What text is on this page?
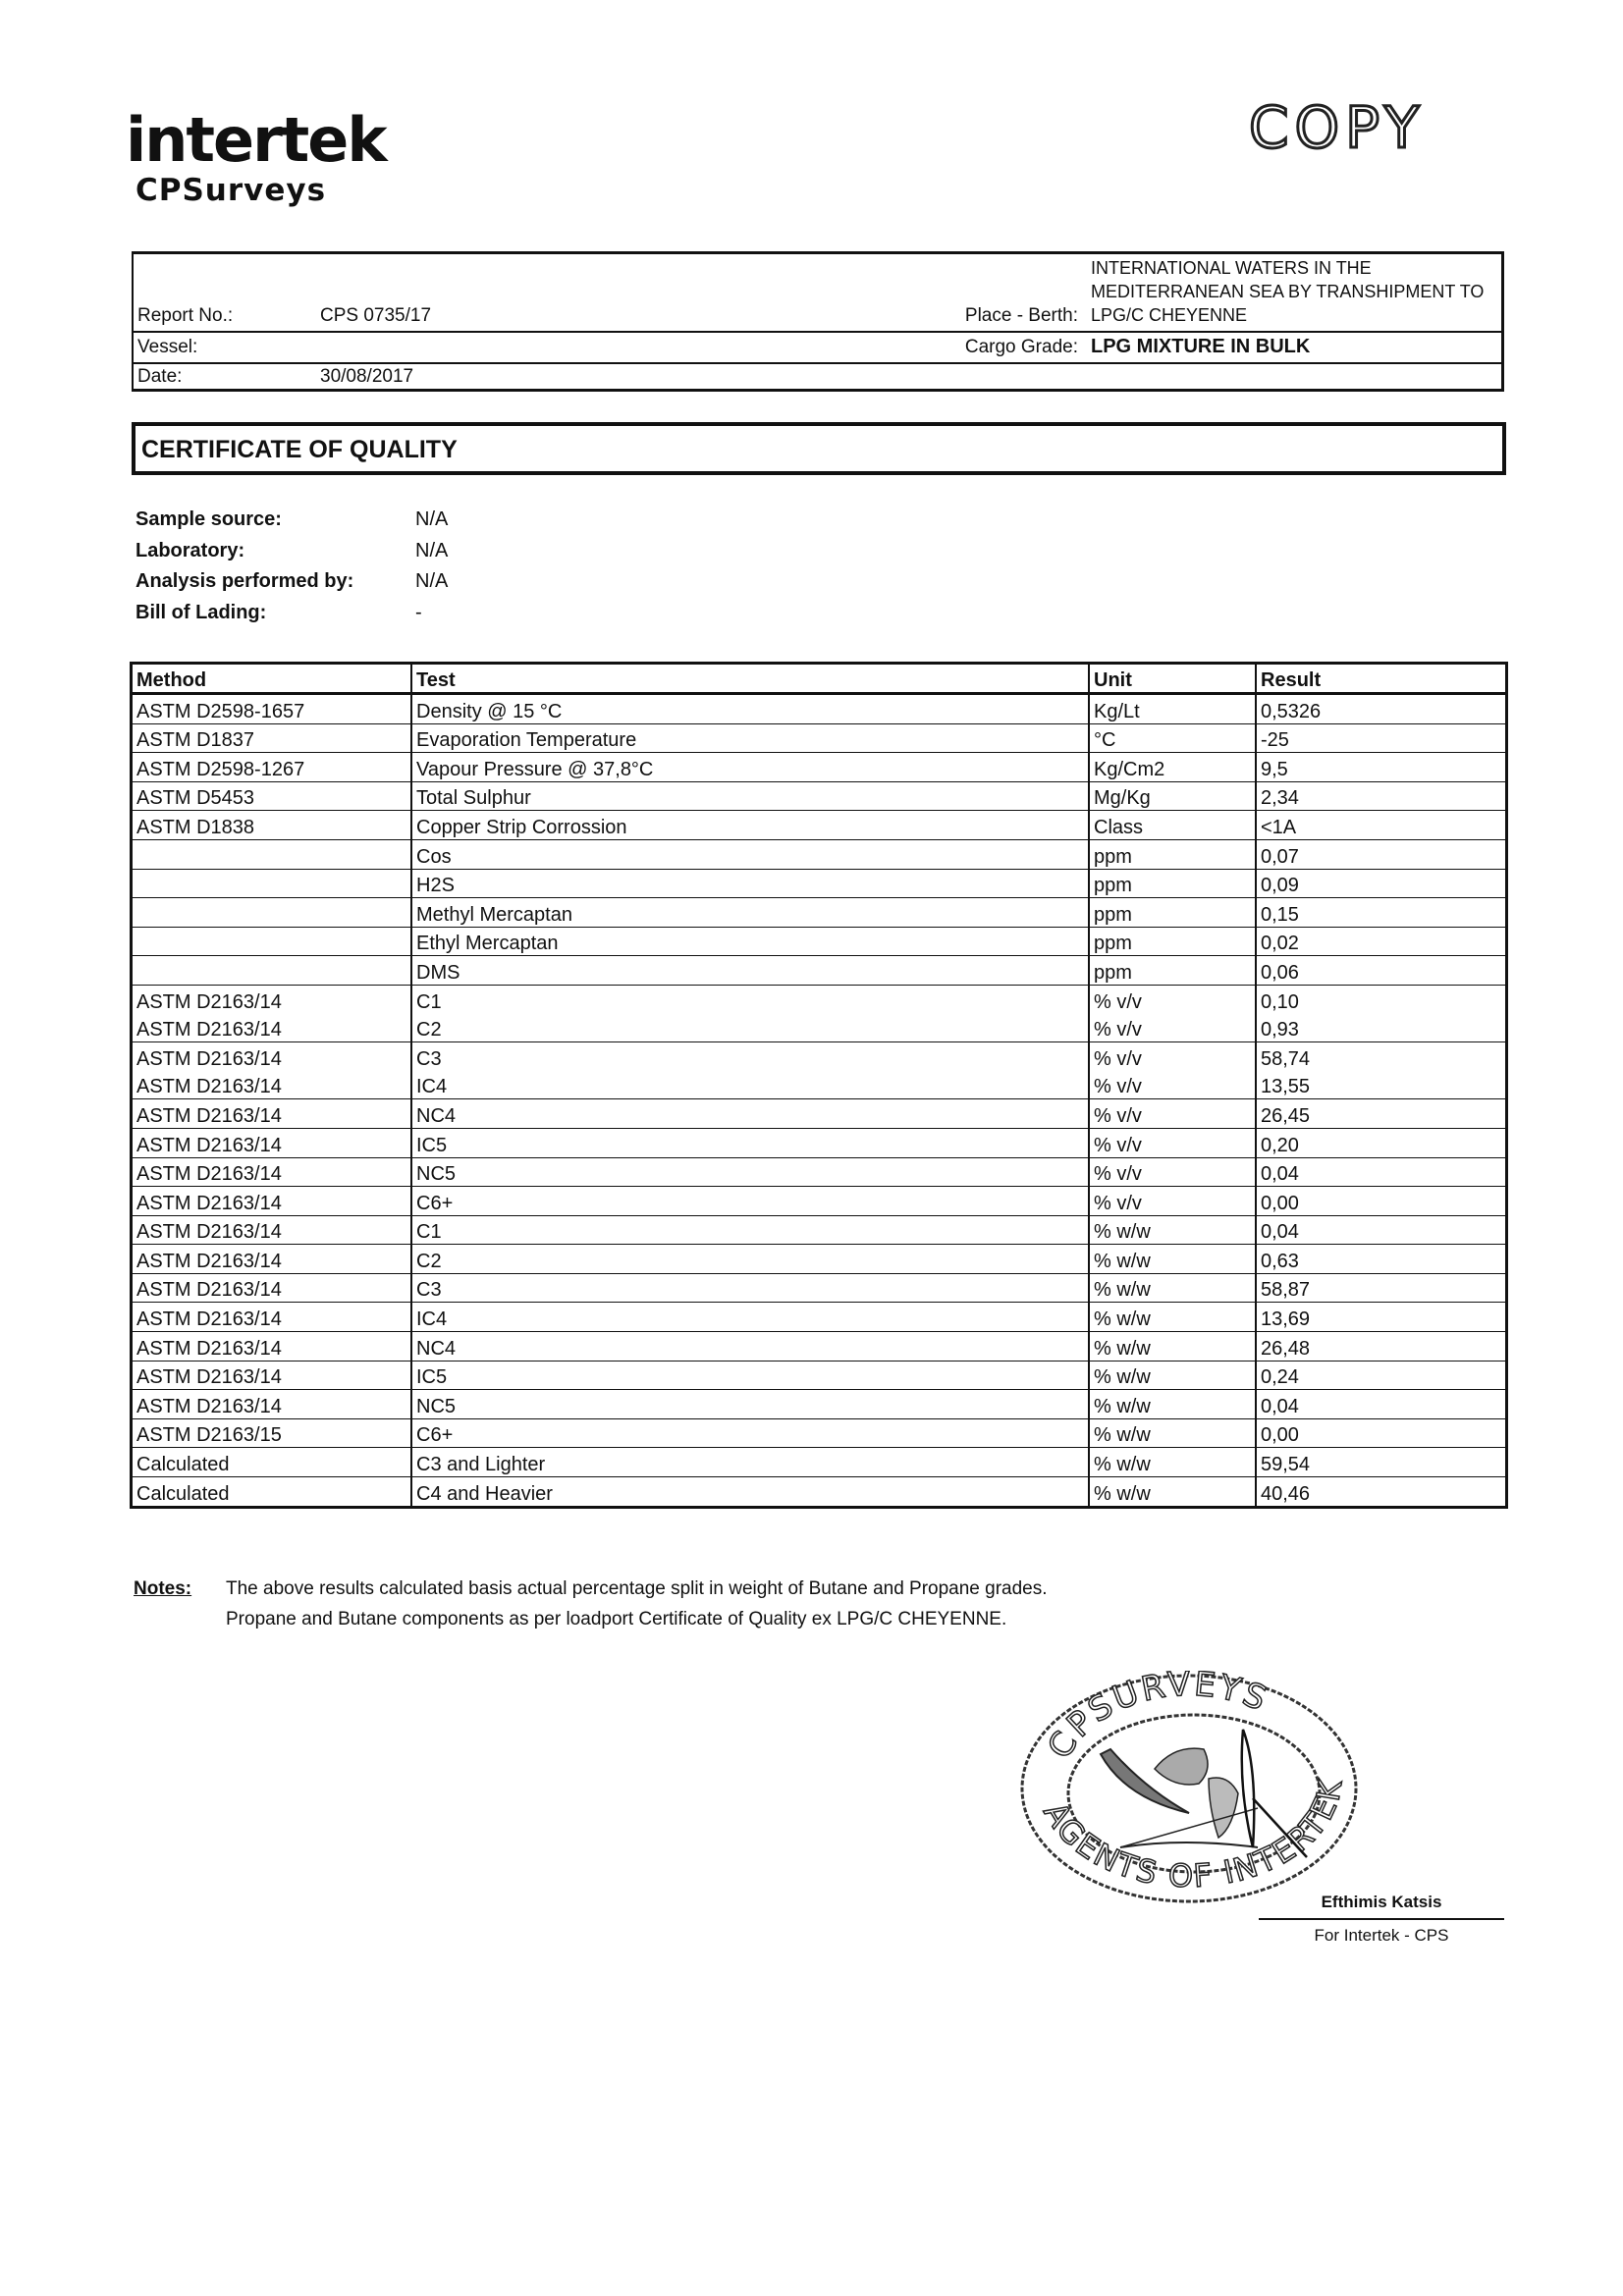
intertek
CPSurveys
COPY
Report No.:	CPS 0735/17	Place - Berth:
INTERNATIONAL WATERS IN THE
MEDITERRANEAN SEA BY TRANSHIPMENT TO
LPG/C CHEYENNE
Vessel:	Cargo Grade: LPG MIXTURE IN BULK
Date:	30/08/2017
CERTIFICATE OF QUALITY
Sample source:	N/A
Laboratory:	N/A
Analysis performed by:	N/A
Bill of Lading:	-
Method	Test	Unit	Result
ASTM D2598-1657	Density @ 15 °C	Kg/Lt	0,5326
ASTM D1837	Evaporation Temperature	°C	-25
ASTM D2598-1267	Vapour Pressure @ 37,8°C	Kg/Cm2	9,5
ASTM D5453	Total Sulphur	Mg/Kg	2,34
ASTM D1838	Copper Strip Corrossion	Class	<1A
	Cos	ppm	0,07
	H2S	ppm	0,09
	Methyl Mercaptan	ppm	0,15
	Ethyl Mercaptan	ppm	0,02
	DMS	ppm	0,06
ASTM D2163/14	C1	% v/v	0,10
ASTM D2163/14	C2	% v/v	0,93
ASTM D2163/14	C3	% v/v	58,74
ASTM D2163/14	IC4	% v/v	13,55
ASTM D2163/14	NC4	% v/v	26,45
ASTM D2163/14	IC5	% v/v	0,20
ASTM D2163/14	NC5	% v/v	0,04
ASTM D2163/14	C6+	% v/v	0,00
ASTM D2163/14	C1	% w/w	0,04
ASTM D2163/14	C2	% w/w	0,63
ASTM D2163/14	C3	% w/w	58,87
ASTM D2163/14	IC4	% w/w	13,69
ASTM D2163/14	NC4	% w/w	26,48
ASTM D2163/14	IC5	% w/w	0,24
ASTM D2163/14	NC5	% w/w	0,04
ASTM D2163/15	C6+	% w/w	0,00
Calculated	C3 and Lighter	% w/w	59,54
Calculated	C4 and Heavier	% w/w	40,46
Notes: The above results calculated basis actual percentage split in weight of Butane and Propane grades.
Propane and Butane components as per loadport Certificate of Quality ex LPG/C CHEYENNE.
CPSURVEYS
AGENTS OF INTERTEK
Efthimis Katsis
For Intertek - CPS
